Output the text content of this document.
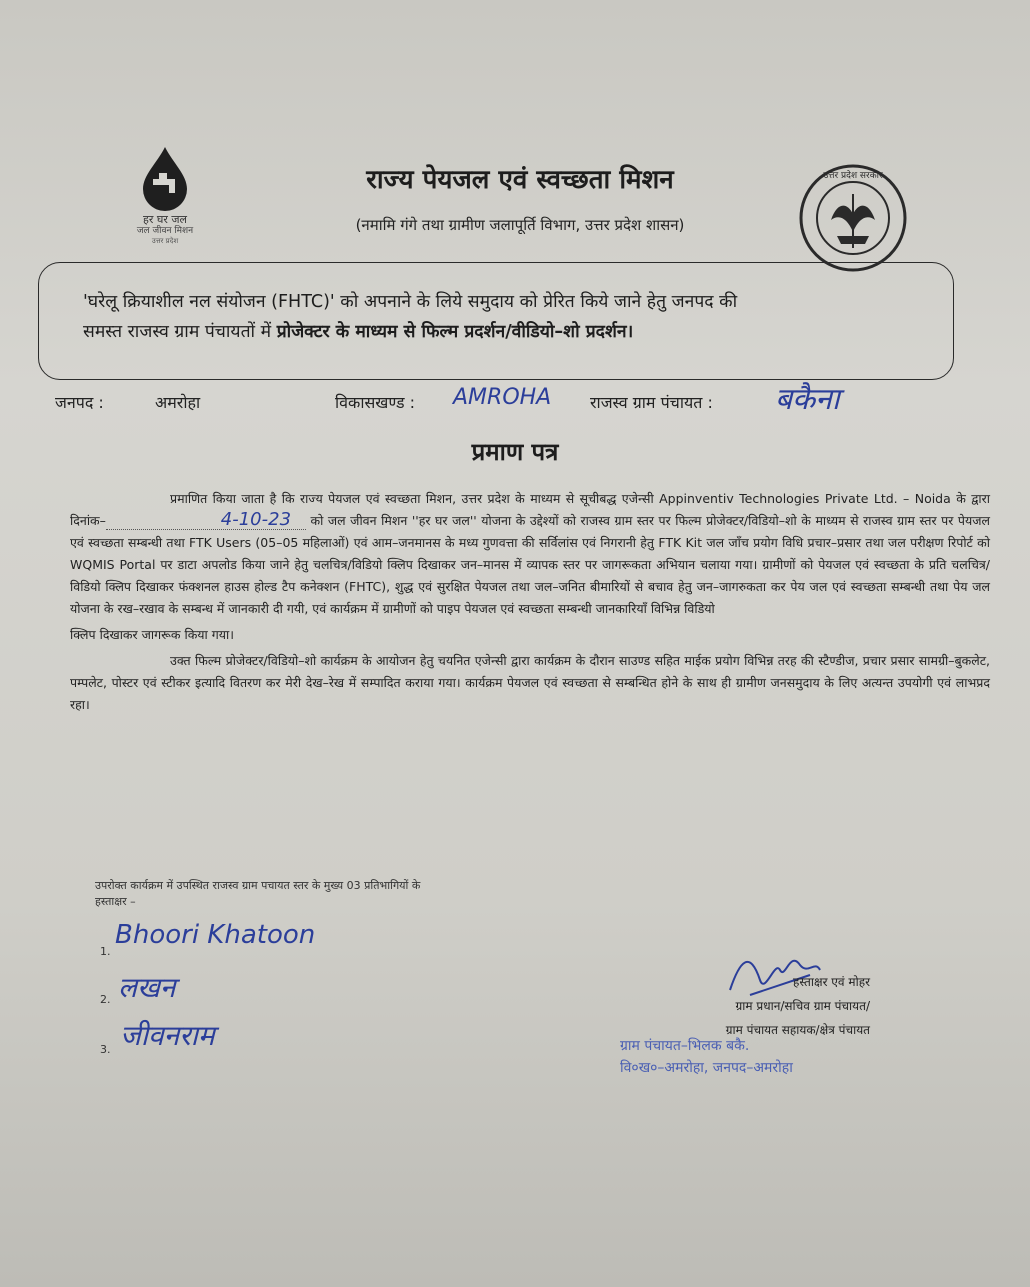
हर घर जल
जल जीवन मिशन
उत्तर प्रदेश
राज्य पेयजल एवं स्वच्छता मिशन
(नमामि गंगे तथा ग्रामीण जलापूर्ति विभाग, उत्तर प्रदेश शासन)
उत्तर प्रदेश सरकार
'घरेलू क्रियाशील नल संयोजन (FHTC)' को अपनाने के लिये समुदाय को प्रेरित किये जाने हेतु जनपद की
समस्त राजस्व ग्राम पंचायतों में प्रोजेक्टर के माध्यम से फिल्म प्रदर्शन/वीडियो–शो प्रदर्शन।
जनपद :	अमरोहा	विकासखण्ड : AMROHA राजस्व ग्राम पंचायत : बकैना
प्रमाण पत्र

प्रमाणित किया जाता है कि राज्य पेयजल एवं स्वच्छता मिशन, उत्तर प्रदेश के माध्यम से सूचीबद्ध एजेन्सी Appinventiv Technologies Private Ltd. – Noida के द्वारा दिनांक–	4-10-23 को जल जीवन मिशन ''हर घर जल'' योजना के उद्देश्यों को राजस्व ग्राम स्तर पर फिल्म प्रोजेक्टर/विडियो–शो के माध्यम से राजस्व ग्राम स्तर पर पेयजल एवं स्वच्छता सम्बन्धी तथा FTK Users (05–05 महिलाओं) एवं आम–जनमानस के मध्य गुणवत्ता की सर्विलांस एवं निगरानी हेतु FTK Kit जल जाँच प्रयोग विधि प्रचार–प्रसार तथा जल परीक्षण रिपोर्ट को WQMIS Portal पर डाटा अपलोड किया जाने हेतु चलचित्र/विडियो क्लिप दिखाकर जन–मानस में व्यापक स्तर पर जागरूकता अभियान चलाया गया। ग्रामीणों को पेयजल एवं स्वच्छता के प्रति चलचित्र/विडियो क्लिप दिखाकर फंक्शनल हाउस होल्ड टैप कनेक्शन (FHTC), शुद्ध एवं सुरक्षित पेयजल तथा जल–जनित बीमारियों से बचाव हेतु जन–जागरुकता कर पेय जल एवं स्वच्छता सम्बन्धी तथा पेय जल योजना के रख–रखाव के सम्बन्ध में जानकारी दी गयी, एवं कार्यक्रम में ग्रामीणों को पाइप पेयजल एवं स्वच्छता सम्बन्धी जानकारियाँ विभिन्न विडियो

क्लिप दिखाकर जागरूक किया गया।

उक्त फिल्म प्रोजेक्टर/विडियो–शो कार्यक्रम के आयोजन हेतु चयनित एजेन्सी द्वारा कार्यक्रम के दौरान साउण्ड सहित माईक प्रयोग विभिन्न तरह की स्टैण्डीज, प्रचार प्रसार सामग्री–बुकलेट, पम्पलेट, पोस्टर एवं स्टीकर इत्यादि वितरण कर मेरी देख–रेख में सम्पादित कराया गया। कार्यक्रम पेयजल एवं स्वच्छता से सम्बन्धित होने के साथ ही ग्रामीण जनसमुदाय के लिए अत्यन्त उपयोगी एवं लाभप्रद रहा।

उपरोक्त कार्यक्रम में उपस्थित राजस्व ग्राम पचायत स्तर के मुख्य 03 प्रतिभागियों के
हस्ताक्षर –
1.
Bhoori Khatoon
2. लखन
3. जीवनराम
हस्ताक्षर एवं मोहर
ग्राम प्रधान/सचिव ग्राम पंचायत/
ग्राम पंचायत सहायक/क्षेत्र पंचायत
ग्राम पंचायत–भिलक बकै.
वि०ख०–अमरोहा, जनपद–अमरोहा
